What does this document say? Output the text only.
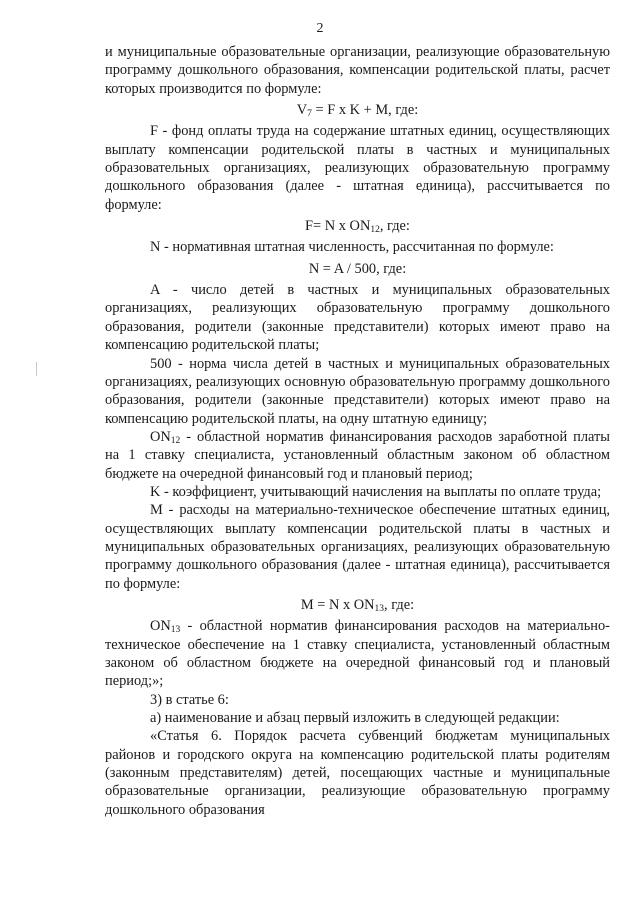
2

и муниципальные образовательные организации, реализующие образовательную программу дошкольного образования, компенсации родительской платы, расчет которых производится по формуле:

$V_7 = F$ x K + M, где:

F - фонд оплаты труда на содержание штатных единиц, осуществляющих выплату компенсации родительской платы в частных и муниципальных образовательных организациях, реализующих образовательную программу дошкольного образования (далее - штатная единица), рассчитывается по формуле:

F= N x $ON_{12}$, где:

N - нормативная штатная численность, рассчитанная по формуле:

N = A / 500, где:

A - число детей в частных и муниципальных образовательных организациях, реализующих образовательную программу дошкольного образования, родители (законные представители) которых имеют право на компенсацию родительской платы;

500 - норма числа детей в частных и муниципальных образовательных организациях, реализующих основную образовательную программу дошкольного образования, родители (законные представители) которых имеют право на компенсацию родительской платы, на одну штатную единицу;

$ON_{12}$ - областной норматив финансирования расходов заработной платы на 1 ставку специалиста, установленный областным законом об областном бюджете на очередной финансовый год и плановый период;

K - коэффициент, учитывающий начисления на выплаты по оплате труда;

M - расходы на материально-техническое обеспечение штатных единиц, осуществляющих выплату компенсации родительской платы в частных и муниципальных образовательных организациях, реализующих образовательную программу дошкольного образования (далее - штатная единица), рассчитывается по формуле:

M = N x $ON_{13}$, где:

$ON_{13}$ - областной норматив финансирования расходов на материально-техническое обеспечение на 1 ставку специалиста, установленный областным законом об областном бюджете на очередной финансовый год и плановый период;»;

3) в статье 6:

а) наименование и абзац первый изложить в следующей редакции:

«Статья 6. Порядок расчета субвенций бюджетам муниципальных районов и городского округа на компенсацию родительской платы родителям (законным представителям) детей, посещающих частные и муниципальные образовательные организации, реализующие образовательную программу дошкольного образования
